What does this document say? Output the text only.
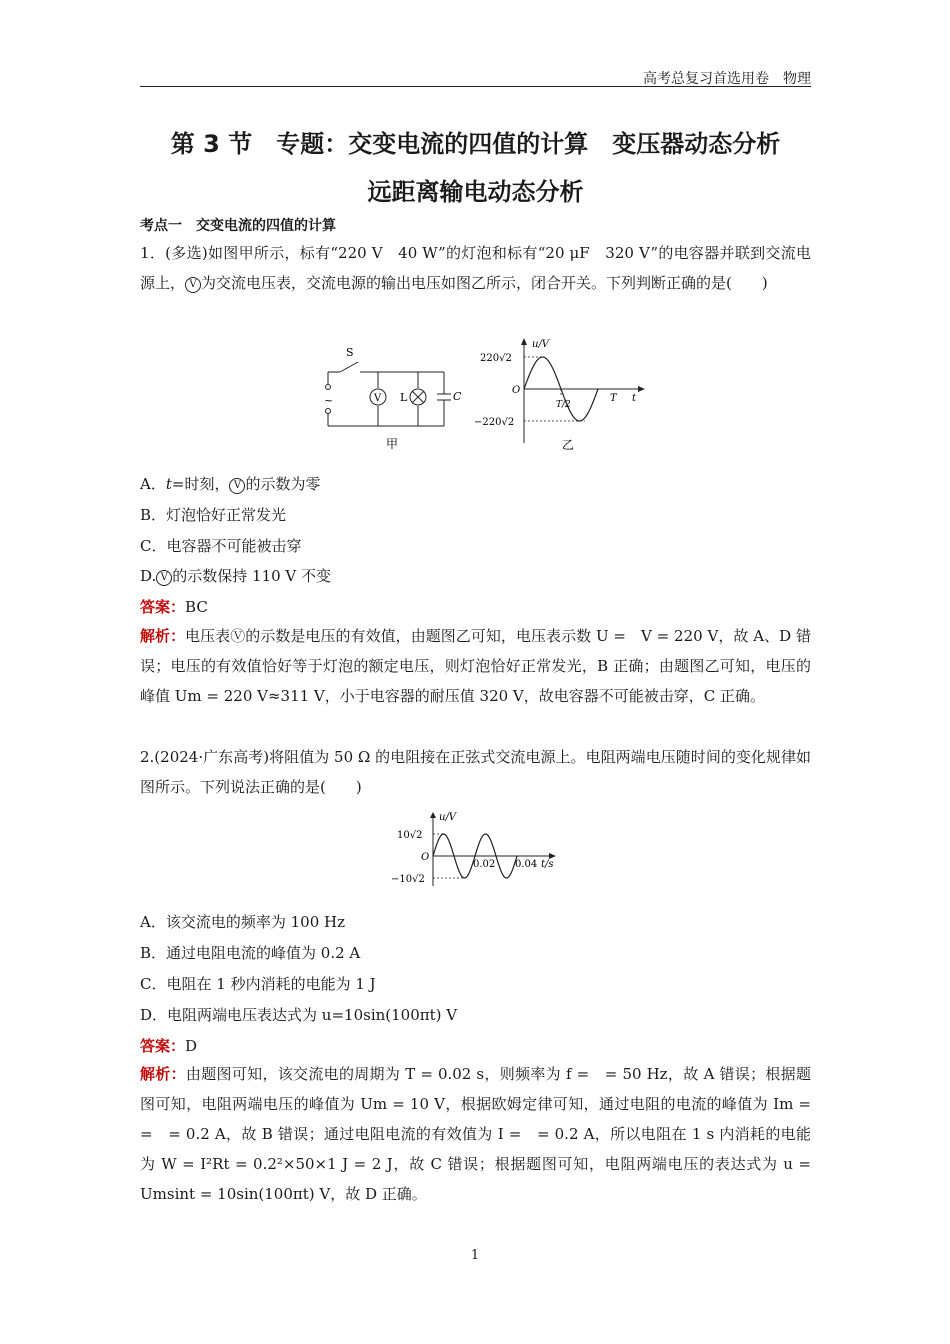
高考总复习首选用卷　物理
第 3 节　专题：交变电流的四值的计算　变压器动态分析
远距离输电动态分析
考点一　交变电流的四值的计算
1．(多选)如图甲所示，标有“220 V　40 W”的灯泡和标有“20 μF　320 V”的电容器并联到交流电源上， V 为交流电压表，交流电源的输出电压如图乙所示，闭合开关。下列判断正确的是(　　)
~
S
V L	C
甲
u/V
220√2
−220√2
O
T/2
T t
乙
A．t=时刻， V 的示数为零
B．灯泡恰好正常发光
C．电容器不可能被击穿
D. V 的示数保持 110 V 不变
答案：BC
解析：电压表Ⓥ的示数是电压的有效值，由题图乙可知，电压表示数 U =　V = 220 V，故 A、D 错误；电压的有效值恰好等于灯泡的额定电压，则灯泡恰好正常发光，B 正确；由题图乙可知，电压的峰值 Um = 220 V≈311 V，小于电容器的耐压值 320 V，故电容器不可能被击穿，C 正确。
2.(2024·广东高考)将阻值为 50 Ω 的电阻接在正弦式交流电源上。电阻两端电压随时间的变化规律如图所示。下列说法正确的是(　　)
u/V
10√2
−10√2
O
0.02 0.04 t/s
A．该交流电的频率为 100 Hz
B．通过电阻电流的峰值为 0.2 A
C．电阻在 1 秒内消耗的电能为 1 J
D．电阻两端电压表达式为 u=10sin(100πt) V
答案：D
解析：由题图可知，该交流电的周期为 T = 0.02 s，则频率为 f =　= 50 Hz，故 A 错误；根据题图可知，电阻两端电压的峰值为 Um = 10 V，根据欧姆定律可知，通过电阻的电流的峰值为 Im =　=　= 0.2 A，故 B 错误；通过电阻电流的有效值为 I =　= 0.2 A，所以电阻在 1 s 内消耗的电能为 W = I²Rt = 0.2²×50×1 J = 2 J，故 C 错误；根据题图可知，电阻两端电压的表达式为 u = Umsint = 10sin(100πt) V，故 D 正确。
1
